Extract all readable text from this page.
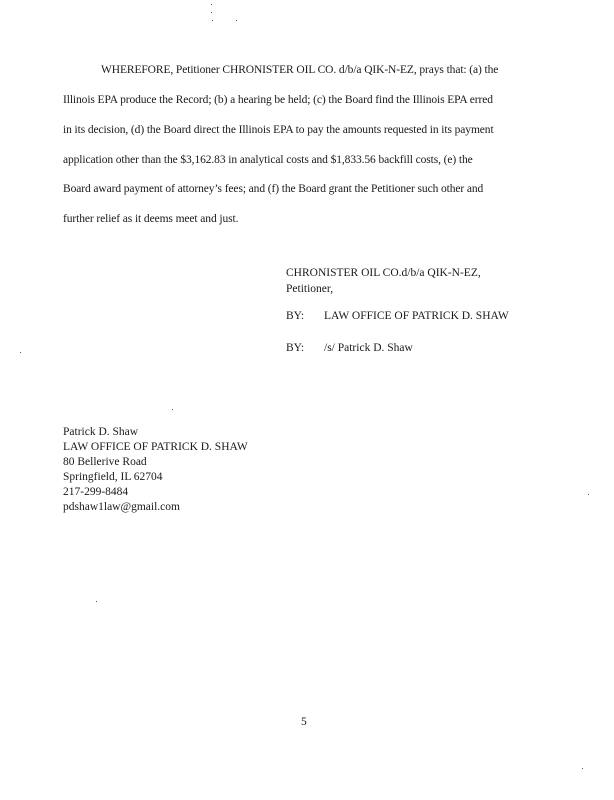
WHEREFORE, Petitioner CHRONISTER OIL CO. d/b/a QIK-N-EZ, prays that: (a) the
Illinois EPA produce the Record; (b) a hearing be held; (c) the Board find the Illinois EPA erred
in its decision, (d) the Board direct the Illinois EPA to pay the amounts requested in its payment
application other than the $3,162.83 in analytical costs and $1,833.56 backfill costs, (e) the
Board award payment of attorney’s fees; and (f) the Board grant the Petitioner such other and
further relief as it deems meet and just.
CHRONISTER OIL CO.d/b/a QIK-N-EZ,
Petitioner,
BY: LAW OFFICE OF PATRICK D. SHAW
BY: /s/ Patrick D. Shaw
Patrick D. Shaw
LAW OFFICE OF PATRICK D. SHAW
80 Bellerive Road
Springfield, IL 62704
217-299-8484
pdshaw1law@gmail.com
5
